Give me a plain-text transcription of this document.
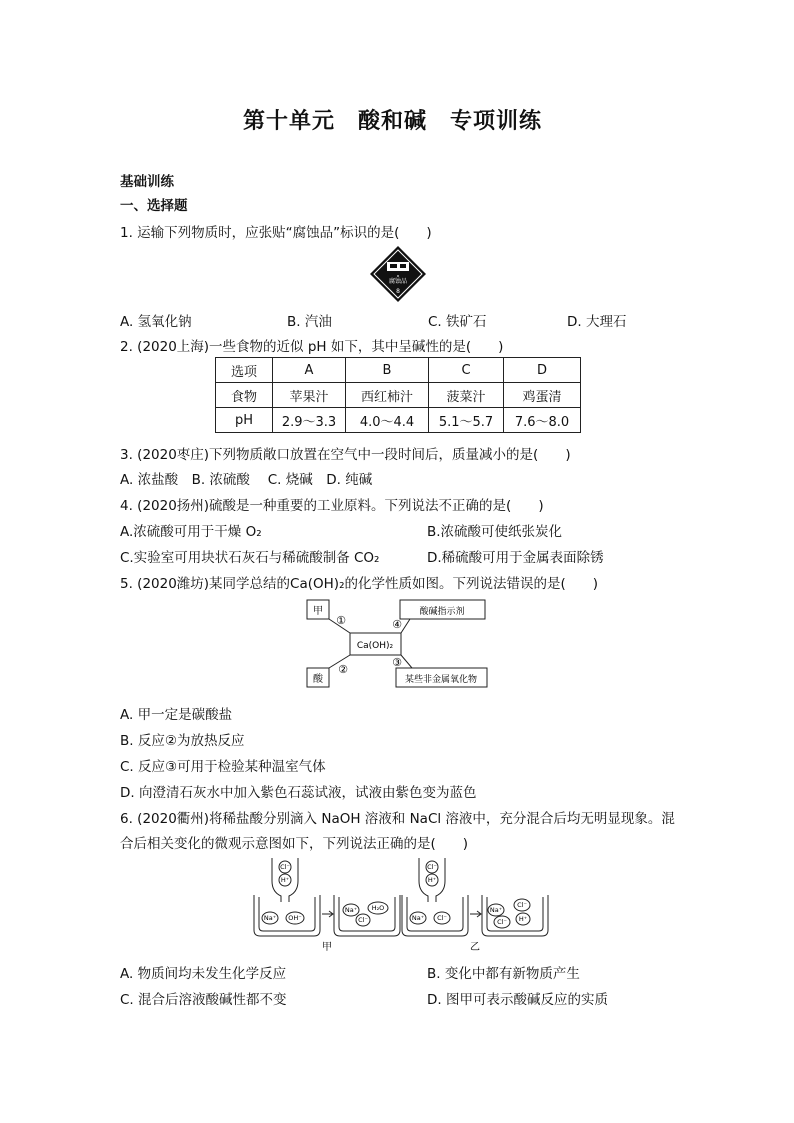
第十单元　酸和碱　专项训练
基础训练
一、选择题
1. 运输下列物质时，应张贴“腐蚀品”标识的是(　　)
腐蚀品
8
A. 氢氧化钠	B. 汽油	C. 铁矿石	D. 大理石
2. (2020上海)一些食物的近似 pH 如下，其中呈碱性的是(　　)
选项	A	B	C	D
食物	苹果汁	西红柿汁	菠菜汁	鸡蛋清
pH	2.9～3.3	4.0～4.4	5.1～5.7	7.6～8.0
3. (2020枣庄)下列物质敞口放置在空气中一段时间后，质量减小的是(　　)
A. 浓盐酸　B. 浓硫酸　 C. 烧碱　D. 纯碱
4. (2020扬州)硫酸是一种重要的工业原料。下列说法不正确的是(　　)
A.浓硫酸可用于干燥 O₂	B.浓硫酸可使纸张炭化
C.实验室可用块状石灰石与稀硫酸制备 CO₂	D.稀硫酸可用于金属表面除锈
5. (2020潍坊)某同学总结的Ca(OH)₂的化学性质如图。下列说法错误的是(　　)
甲	酸碱指示剂
Ca(OH)₂
酸	某些非金属氧化物
①
②
③
④
A. 甲一定是碳酸盐
B. 反应②为放热反应
C. 反应③可用于检验某种温室气体
D. 向澄清石灰水中加入紫色石蕊试液，试液由紫色变为蓝色
6. (2020衢州)将稀盐酸分别滴入 NaOH 溶液和 NaCl 溶液中，充分混合后均无明显现象。混
合后相关变化的微观示意图如下，下列说法正确的是(　　)
Cl⁻
H⁺
Na⁺ OH⁻
Na⁺ H₂O
Cl⁻
Cl⁻
H⁺
Na⁺ Cl⁻
Na⁺
Cl⁻
Cl⁻ H⁺
甲	乙
A. 物质间均未发生化学反应	B. 变化中都有新物质产生
C. 混合后溶液酸碱性都不变	D. 图甲可表示酸碱反应的实质
